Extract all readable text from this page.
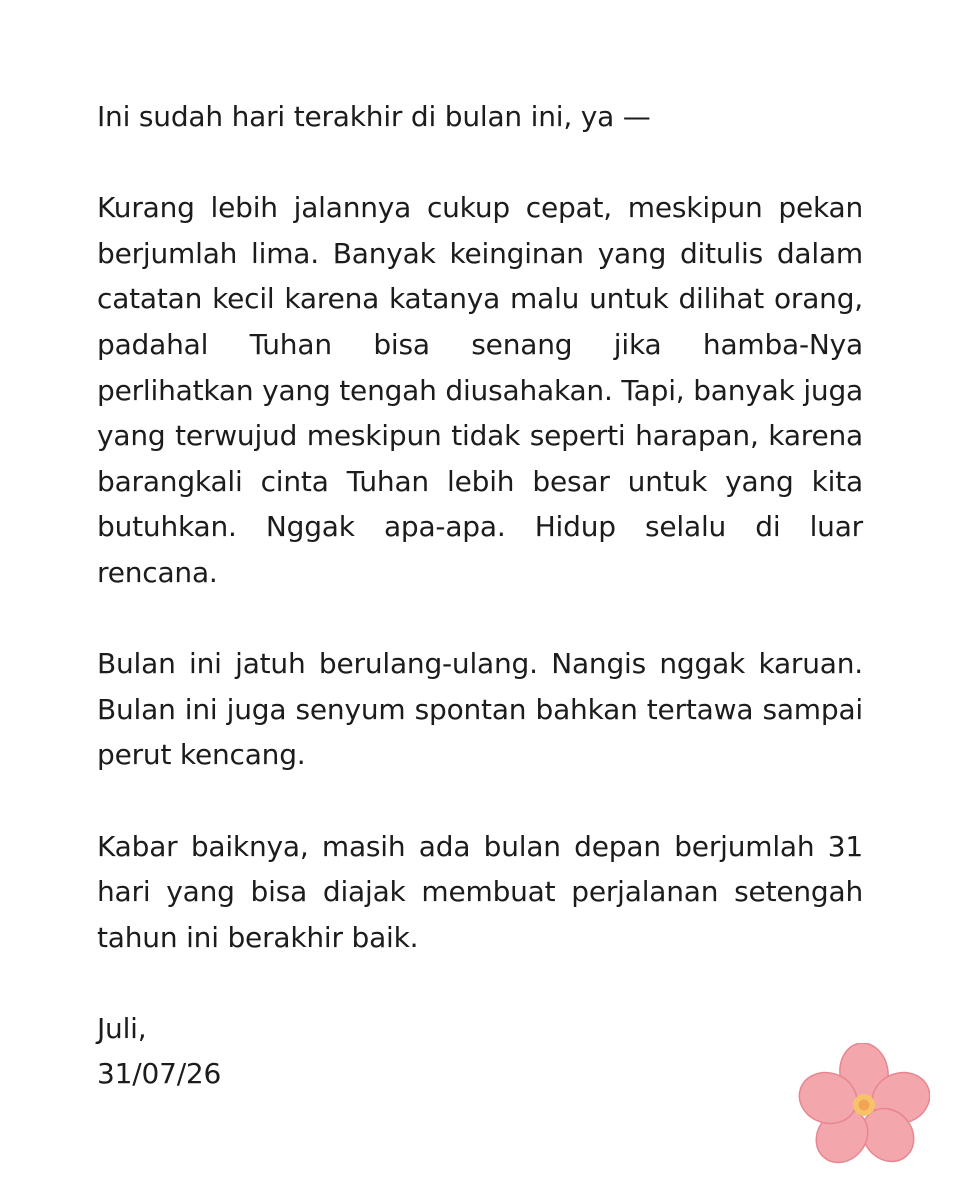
Ini sudah hari terakhir di bulan ini, ya —

Kurang lebih jalannya cukup cepat, meskipun pekan berjumlah lima. Banyak keinginan yang ditulis dalam catatan kecil karena katanya malu untuk dilihat orang, padahal Tuhan bisa senang jika hamba-Nya perlihatkan yang tengah diusahakan. Tapi, banyak juga yang terwujud meskipun tidak seperti harapan, karena barangkali cinta Tuhan lebih besar untuk yang kita butuhkan. Nggak apa-apa. Hidup selalu di luar rencana.

Bulan ini jatuh berulang-ulang. Nangis nggak karuan. Bulan ini juga senyum spontan bahkan tertawa sampai perut kencang.

Kabar baiknya, masih ada bulan depan berjumlah 31 hari yang bisa diajak membuat perjalanan setengah tahun ini berakhir baik.

Juli,

31/07/26
